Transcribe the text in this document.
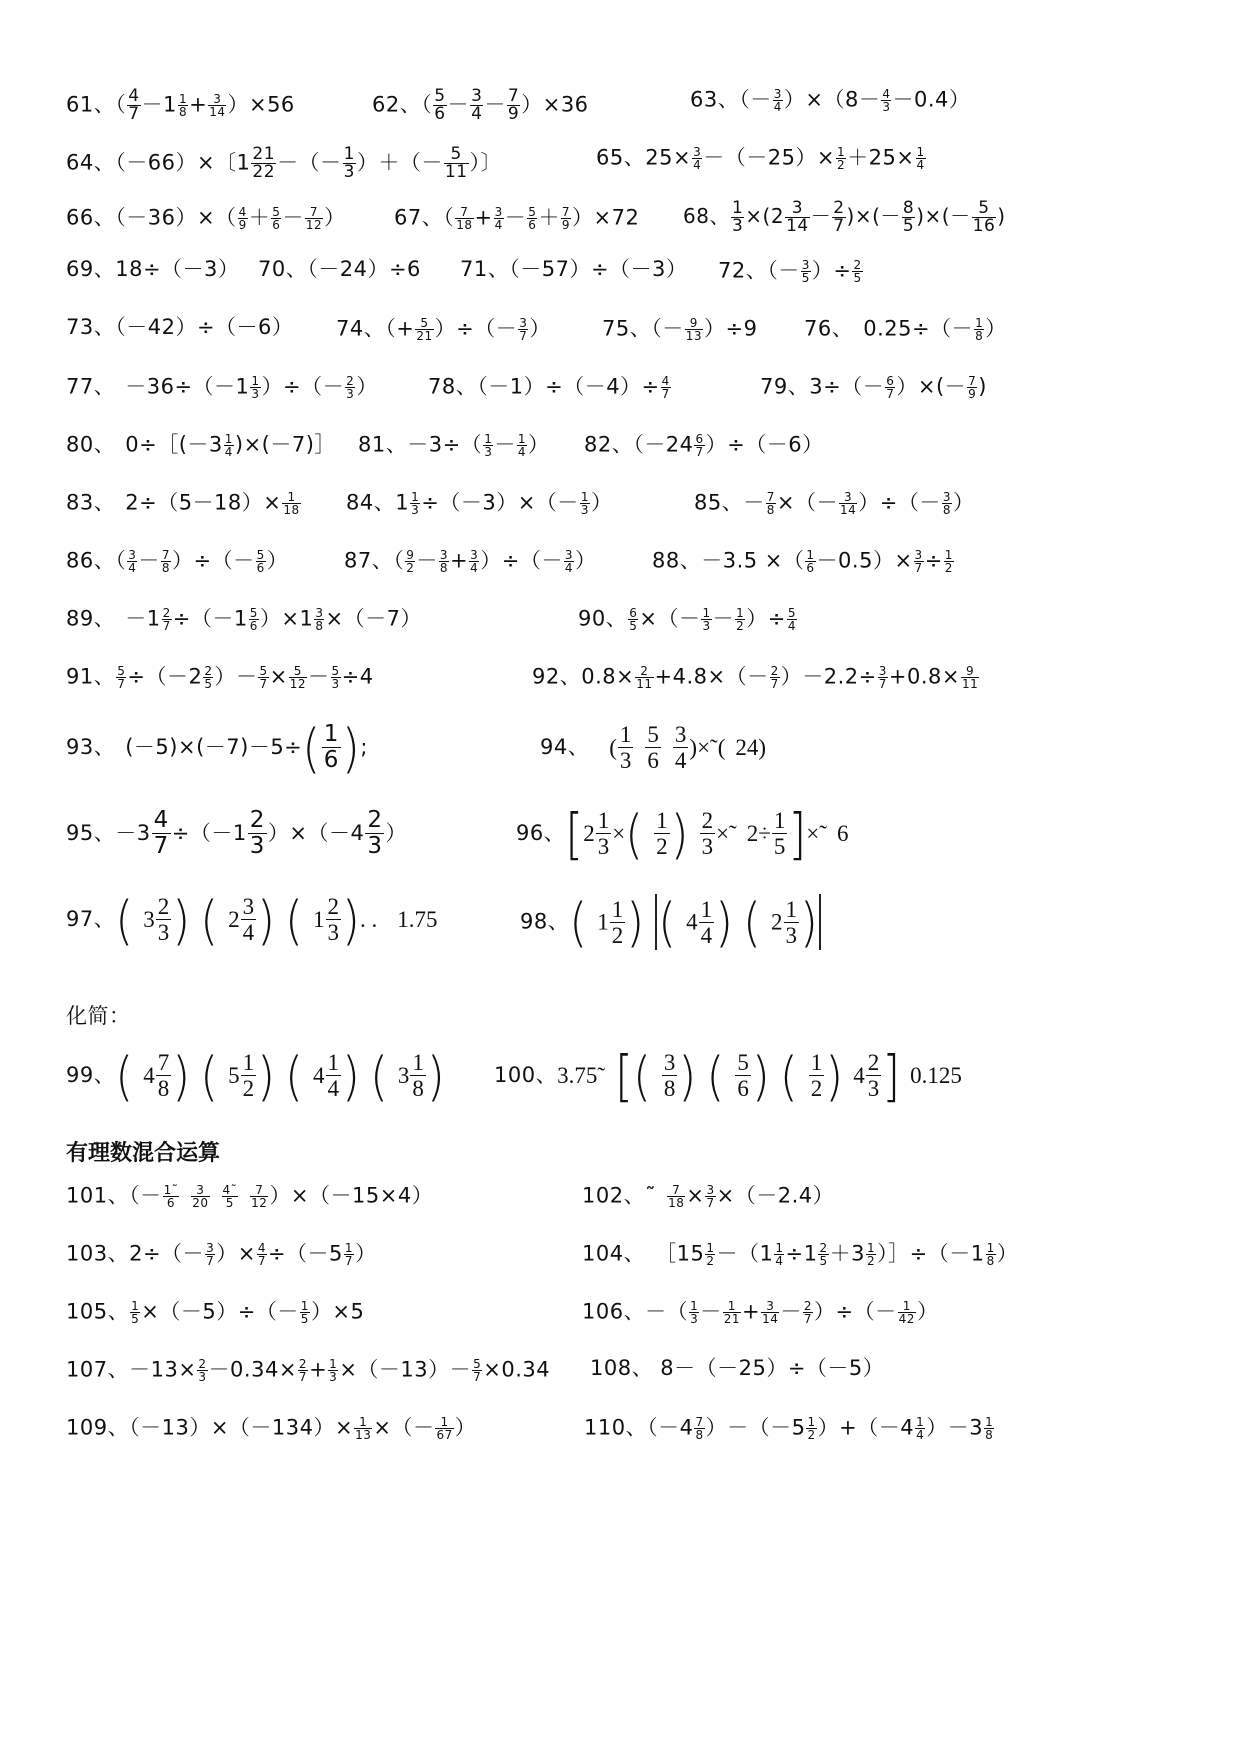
61、（ $\frac{4}{7} -1 \frac{1}{8} + \frac{3}{14} )\times 56$	62、（ $\frac{5}{6} - \frac{3}{4} - \frac{7}{9} )\times 36$	63、（－ $\frac{3}{4} )\times(8- \frac{4}{3} -0.4)$
64、（－66）×〔$1 \frac{21}{22}$ －（－ $\frac{1}{3}$ ）＋（－ $\frac{5}{11}$ ）〕	65、$25\times \frac{3}{4} -(-25)\times \frac{1}{2} +25\times \frac{1}{4}$
66、$(-36)\times( \frac{4}{9} + \frac{5}{6} - \frac{7}{12}$ ） 67、（ $\frac{7}{18} + \frac{3}{4} - \frac{5}{6} + \frac{7}{9} )\times 72$ 68、 $\frac{1}{3} \times(2 \frac{3}{14} - \frac{2}{7}$ )×(－ $\frac{8}{5}$ )×(－ $\frac{5}{16}$ )
69、18÷（－3） 70、（－24）÷6 71、（－57）÷（－3） 72、（－ $\frac{3}{5}$ ）÷ $\frac{2}{5}$
73、（－42）÷（－6） 74、（+ $\frac{5}{21}$ ）÷（－ $\frac{3}{7}$ ） 75、（－ $\frac{9}{13} )\div 9$ 76、 $0.25\div(- \frac{1}{8}$ ）
77、 $-36\div(-1 \frac{1}{3}$ ）÷（－ $\frac{2}{3}$ ） 78、$(-1)\div(-4)\div \frac{4}{7}$	79、$3\div(- \frac{6}{7}$ ）×(－ $\frac{7}{9}$ )
80、 0÷［(－3 $\frac{1}{4}$ )×(－7)］ 81、$-3\div( \frac{1}{3} - \frac{1}{4}$ ） 82、$(-24 \frac{6}{7} )\div(-6)$
83、 $2\div(5-18)\times \frac{1}{18} 84$、$1 \frac{1}{3} \div(-3)\times(- \frac{1}{3}$ ）	85、－ $\frac{7}{8}$ ×（－ $\frac{3}{14}$ ）÷（－ $\frac{3}{8}$ ）
86、（ $\frac{3}{4} - \frac{7}{8}$ ）÷（－ $\frac{5}{6}$ ）	87、（ $\frac{9}{2} - \frac{3}{8} + \frac{3}{4}$ ）÷（－ $\frac{3}{4}$ ）	88、－3.5 ×（ $\frac{1}{6} -0.5)\times \frac{3}{7} \div \frac{1}{2}$
89、 $-1 \frac{2}{7} \div(-1 \frac{5}{6} )\times 1 \frac{3}{8} \times(-7)$	90、 $\frac{6}{5}$ ×（－ $\frac{1}{3} - \frac{1}{2}$ ）÷ $\frac{5}{4}$
91、 $\frac{5}{7} \div(-2 \frac{2}{5}$ ）－ $\frac{5}{7} \times \frac{5}{12} - \frac{5}{3} \div 4$	92、$0.8\times \frac{2}{11} +4.8\times(- \frac{2}{7} )-2.2\div \frac{3}{7} +0.8\times \frac{9}{11}$
93、 $(-5)\times(-7)-5\div( \frac{1}{6}$ );	94、 ( $\frac{1}{3} \frac{5}{6} \frac{3}{4}$ )×˜( 24)
95、$-3 \frac{4}{7} \div(-1 \frac{2}{3} )\times(-4 \frac{2}{3}$ ）	96、[$2 \frac{1}{3}$ ×( $\frac{1}{2}$ ) $\frac{2}{3}$ ×˜ $2\div \frac{1}{5}$ ]×˜ 6
97、( $3 \frac{2}{3}$ ) ( $2 \frac{3}{4}$ ) ( $1 \frac{2}{3}$ ). . 1.75	98、( $1 \frac{1}{2}$ ) ( $4 \frac{1}{4}$ ) ( $2 \frac{1}{3}$ )
化简：
99、( $4 \frac{7}{8}$ ) ( $5 \frac{1}{2}$ ) ( $4 \frac{1}{4}$ ) ( $3 \frac{1}{8}$ ) 100、3.75˜ [( $\frac{3}{8}$ ) ( $\frac{5}{6}$ ) ( $\frac{1}{2}$ ) $4 \frac{2}{3}$ ] 0.125
有理数混合运算
101、（－ $\frac{1˜}{6} \frac{3}{20} \frac{4˜}{5} \frac{7}{12} )\times(-15\times 4)$	102、˜ $\frac{7}{18} \times \frac{3}{7} \times(-2.4)$
103、$2\div(- \frac{3}{7}$ ）× $\frac{4}{7} \div(-5 \frac{1}{7}$ ）	104、 ［15 $\frac{1}{2} -(1 \frac{1}{4} \div 1 \frac{2}{5} +3 \frac{1}{2}$ ）］÷（－1 $\frac{1}{8}$ ）
105、 $\frac{1}{5} \times(-5)\div(- \frac{1}{5} )\times 5$	106、－（ $\frac{1}{3} - \frac{1}{21} + \frac{3}{14} - \frac{2}{7}$ ）÷（－ $\frac{1}{42}$ ）
107、$-13\times \frac{2}{3} -0.34\times \frac{2}{7} + \frac{1}{3} \times(-13)- \frac{5}{7} \times 0.34$ 108、 8－（－25）÷（－5）
109、$(-13)\times(-134)\times \frac{1}{13}$ ×（－ $\frac{1}{67}$ ）	110、$(-4 \frac{7}{8} )-(-5 \frac{1}{2} )+(-4 \frac{1}{4} )-3 \frac{1}{8}$
